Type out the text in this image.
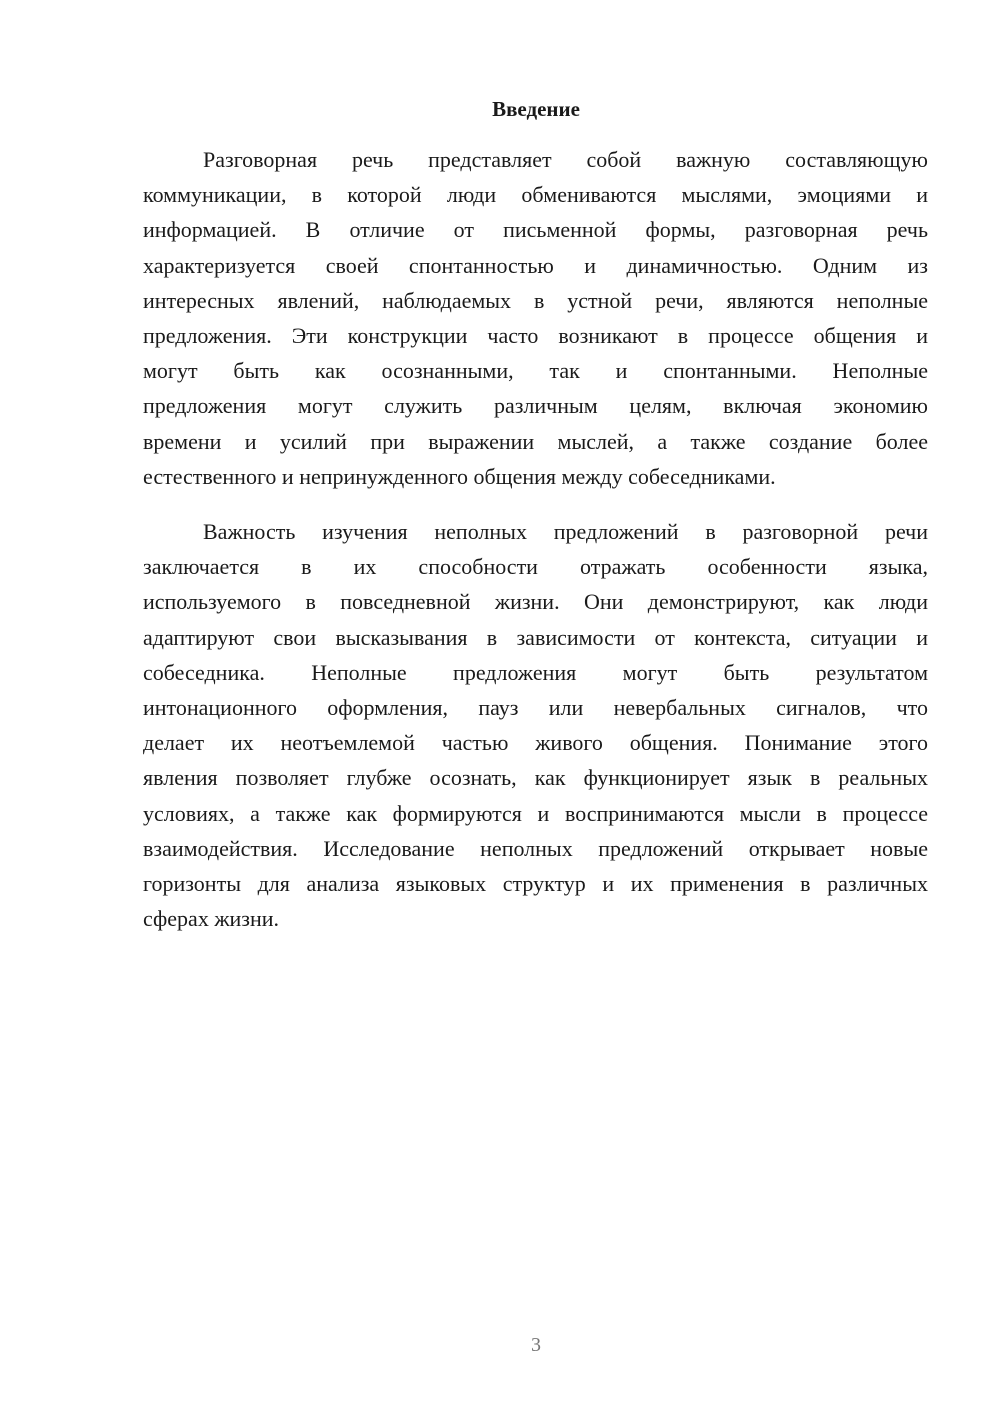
Введение
Разговорная речь представляет собой важную составляющую
коммуникации, в которой люди обмениваются мыслями, эмоциями и
информацией. В отличие от письменной формы, разговорная речь
характеризуется своей спонтанностью и динамичностью. Одним из
интересных явлений, наблюдаемых в устной речи, являются неполные
предложения. Эти конструкции часто возникают в процессе общения и
могут быть как осознанными, так и спонтанными. Неполные
предложения могут служить различным целям, включая экономию
времени и усилий при выражении мыслей, а также создание более
естественного и непринужденного общения между собеседниками.
Важность изучения неполных предложений в разговорной речи
заключается в их способности отражать особенности языка,
используемого в повседневной жизни. Они демонстрируют, как люди
адаптируют свои высказывания в зависимости от контекста, ситуации и
собеседника. Неполные предложения могут быть результатом
интонационного оформления, пауз или невербальных сигналов, что
делает их неотъемлемой частью живого общения. Понимание этого
явления позволяет глубже осознать, как функционирует язык в реальных
условиях, а также как формируются и воспринимаются мысли в процессе
взаимодействия. Исследование неполных предложений открывает новые
горизонты для анализа языковых структур и их применения в различных
сферах жизни.
3
